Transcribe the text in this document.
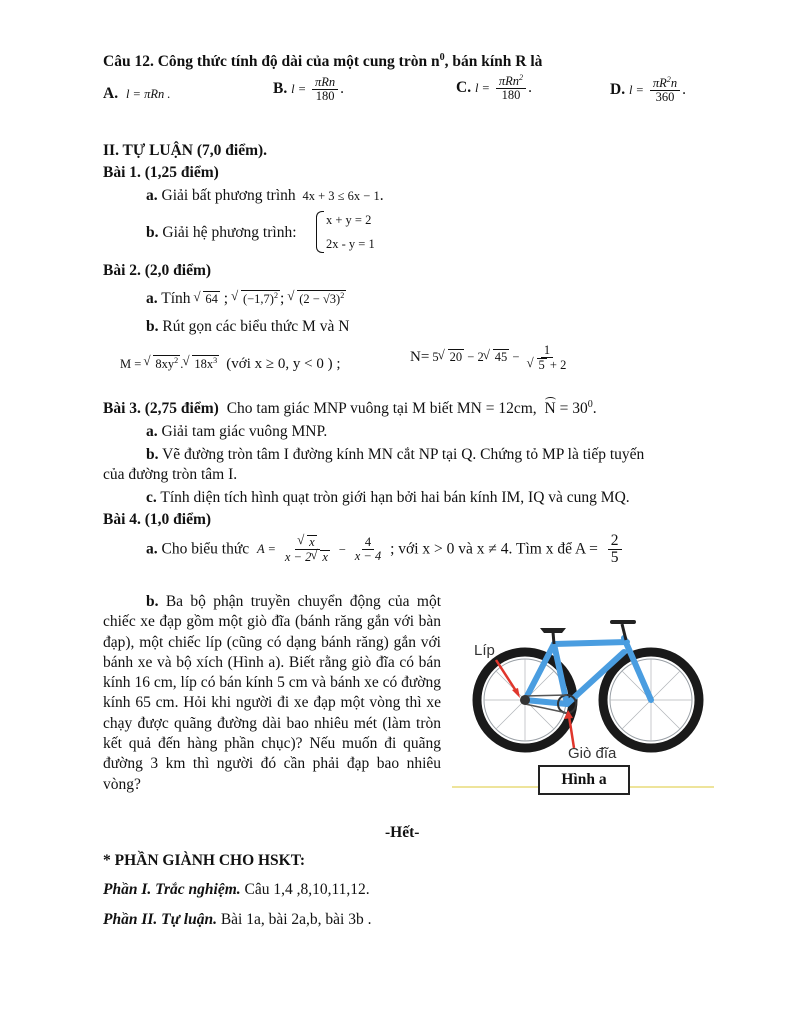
Câu 12. Công thức tính độ dài của một cung tròn $n^0$, bán kính R là
A. l = πRn .	B. $l = \frac{\text{πRn}}{180}$ .	C. $l = \frac{\pi Rn^2}{180}$ .	D. $l = \frac{\pi R^2n}{360}$ .
II. TỰ LUẬN (7,0 điểm).
Bài 1. (1,25 điểm)
a. Giải bất phương trình 4x + 3 ≤ 6x − 1.
b. Giải hệ phương trình:
x + y = 2
2x - y = 1
Bài 2. (2,0 điểm)
a. Tính √ 64 ; √ $(-1,7)^2$ ; √ $(2 - √3)^2$
b. Rút gọn các biểu thức M và N
M = √ $8xy^2$ . √ $18x^3$ (với x ≥ 0, y < 0 ) ;	N= 5 √ 20 − 2 √ 45 − 1
√ 5 + 2
Bài 3. (2,75 điểm) Cho tam giác MNP vuông tại M biết MN = 12cm, $N = 30^0$.
a. Giải tam giác vuông MNP.
b. Vẽ đường tròn tâm I đường kính MN cắt NP tại Q. Chứng tỏ MP là tiếp tuyến
của đường tròn tâm I.
c. Tính diện tích hình quạt tròn giới hạn bởi hai bán kính IM, IQ và cung MQ.
Bài 4. (1,0 điểm)
a. Cho biểu thức A = √ $\frac{x}{x - 2 √ x} - \frac{4}{x - 4}$ ; với x > 0 và x ≠ 4. Tìm x để $A = \frac{2}{5}$
b. Ba bộ phận truyền chuyển động của một chiếc xe đạp gồm một giò đĩa (bánh răng gắn với bàn đạp), một chiếc líp (cũng có dạng bánh răng) gắn với bánh xe và bộ xích (Hình a). Biết rằng giò đĩa có bán kính 16 cm, líp có bán kính 5 cm và bánh xe có đường kính 65 cm. Hỏi khi người đi xe đạp một vòng thì xe chạy được quãng đường dài bao nhiêu mét (làm tròn kết quả đến hàng phần chục)? Nếu muốn đi quãng đường 3 km thì người đó cần phải đạp bao nhiêu vòng?
Líp
Giò đĩa
Hình a
-Hết-
* PHẦN GIÀNH CHO HSKT:
Phần I. Trắc nghiệm. Câu 1,4 ,8,10,11,12.
Phần II. Tự luận. Bài 1a, bài 2a,b, bài 3b .
